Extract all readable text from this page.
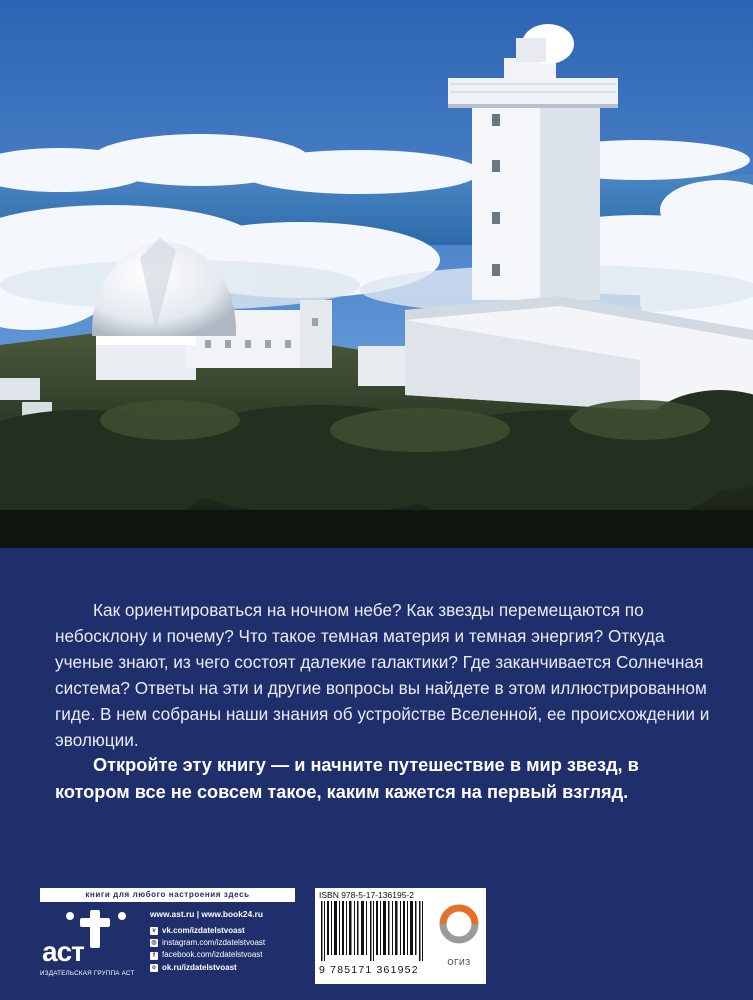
Как ориентироваться на ночном небе? Как звезды перемещаются по небосклону и почему? Что такое темная материя и темная энергия? Откуда ученые знают, из чего состоят далекие галактики? Где заканчивается Солнечная система? Ответы на эти и другие вопросы вы найдете в этом иллюстрированном гиде. В нем собраны наши знания об устройстве Вселенной, ее происхождении и эволюции.

Откройте эту книгу — и начните путешествие в мир звезд, в котором все не совсем такое, каким кажется на первый взгляд.

книги для любого настроения здесь
аст
ИЗДАТЕЛЬСКАЯ ГРУППА АСТ
www.ast.ru | www.book24.ru
v vk.com/izdatelstvoast
◎ instagram.com/izdatelstvoast
f facebook.com/izdatelstvoast
o ok.ru/izdatelstvoast
ISBN 978-5-17-136195-2
9 785171 361952
ОГИЗ
